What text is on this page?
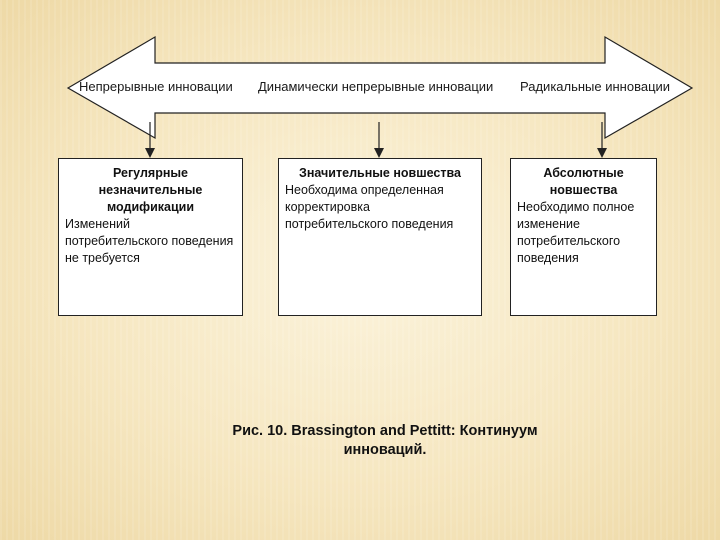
Непрерывные инновации Динамически непрерывные инновации Радикальные инновации
Регулярные незначительные модификации
Изменений потребительского поведения не требуется
Значительные новшества
Необходима определенная корректировка потребительского поведения
Абсолютные новшества
Необходимо полное изменение потребительского поведения
Рис. 10. Brassington and Pettitt: Континуум инноваций.
